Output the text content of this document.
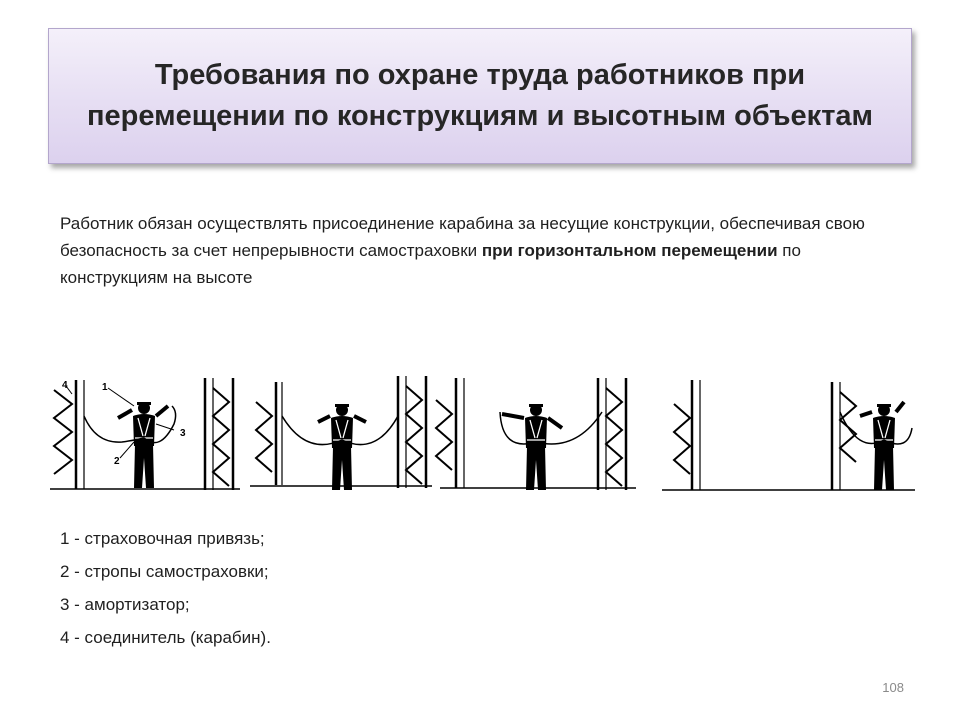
Требования по охране труда работников при перемещении по конструкциям и высотным объектам
Работник обязан осуществлять присоединение карабина за несущие конструкции, обеспечивая свою безопасность за счет непрерывности самостраховки при горизонтальном перемещении по конструкциям на высоте
4	1
3
2
1 - страховочная привязь;
2 - стропы самостраховки;
3 - амортизатор;
4 - соединитель (карабин).
108
